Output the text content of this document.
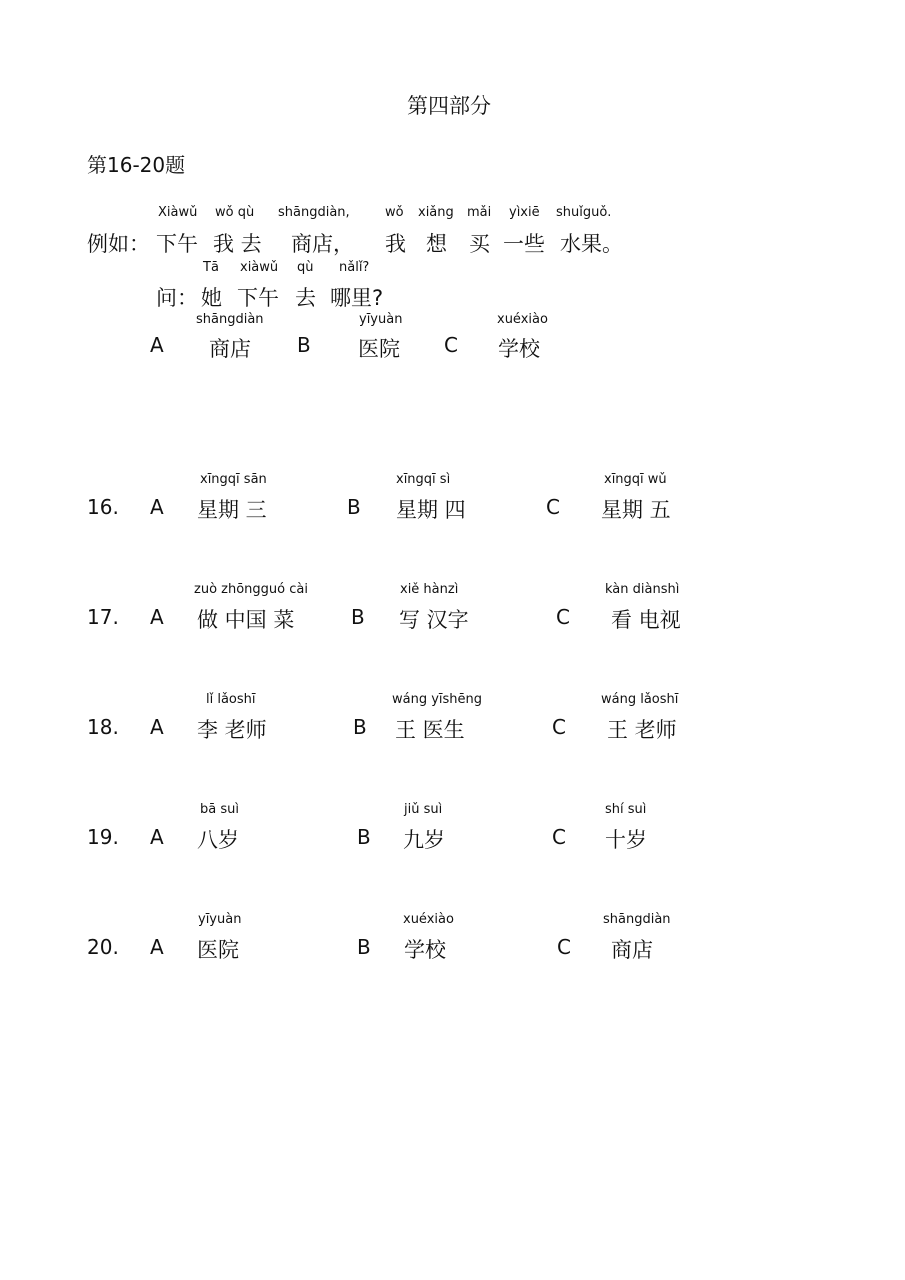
第四部分
第16-20题
Xiàwǔ wǒ qù shāngdiàn,	wǒ xiǎng mǎi yìxiē shuǐguǒ.
例如： 下午 我 去 商店， 我 想 买 一些 水果。
Tā xiàwǔ qù nǎlǐ?
问： 她 下午 去 哪里?
shāngdiàn	yīyuàn	xuéxiào
A 商店 B 医院 C 学校
xīngqī sān	xīngqī sì	xīngqī wǔ
16. A 星期 三	B 星期 四	C 星期 五
zuò zhōngguó cài	xiě hànzì	kàn diànshì
17. A 做 中国 菜	B 写 汉字	C 看 电视
lǐ lǎoshī	wáng yīshēng	wáng lǎoshī
18. A 李 老师	B 王 医生	C 王 老师
bā suì	jiǔ suì	shí suì
19. A 八岁	B 九岁	C 十岁
yīyuàn	xuéxiào	shāngdiàn
20. A 医院	B 学校	C 商店
